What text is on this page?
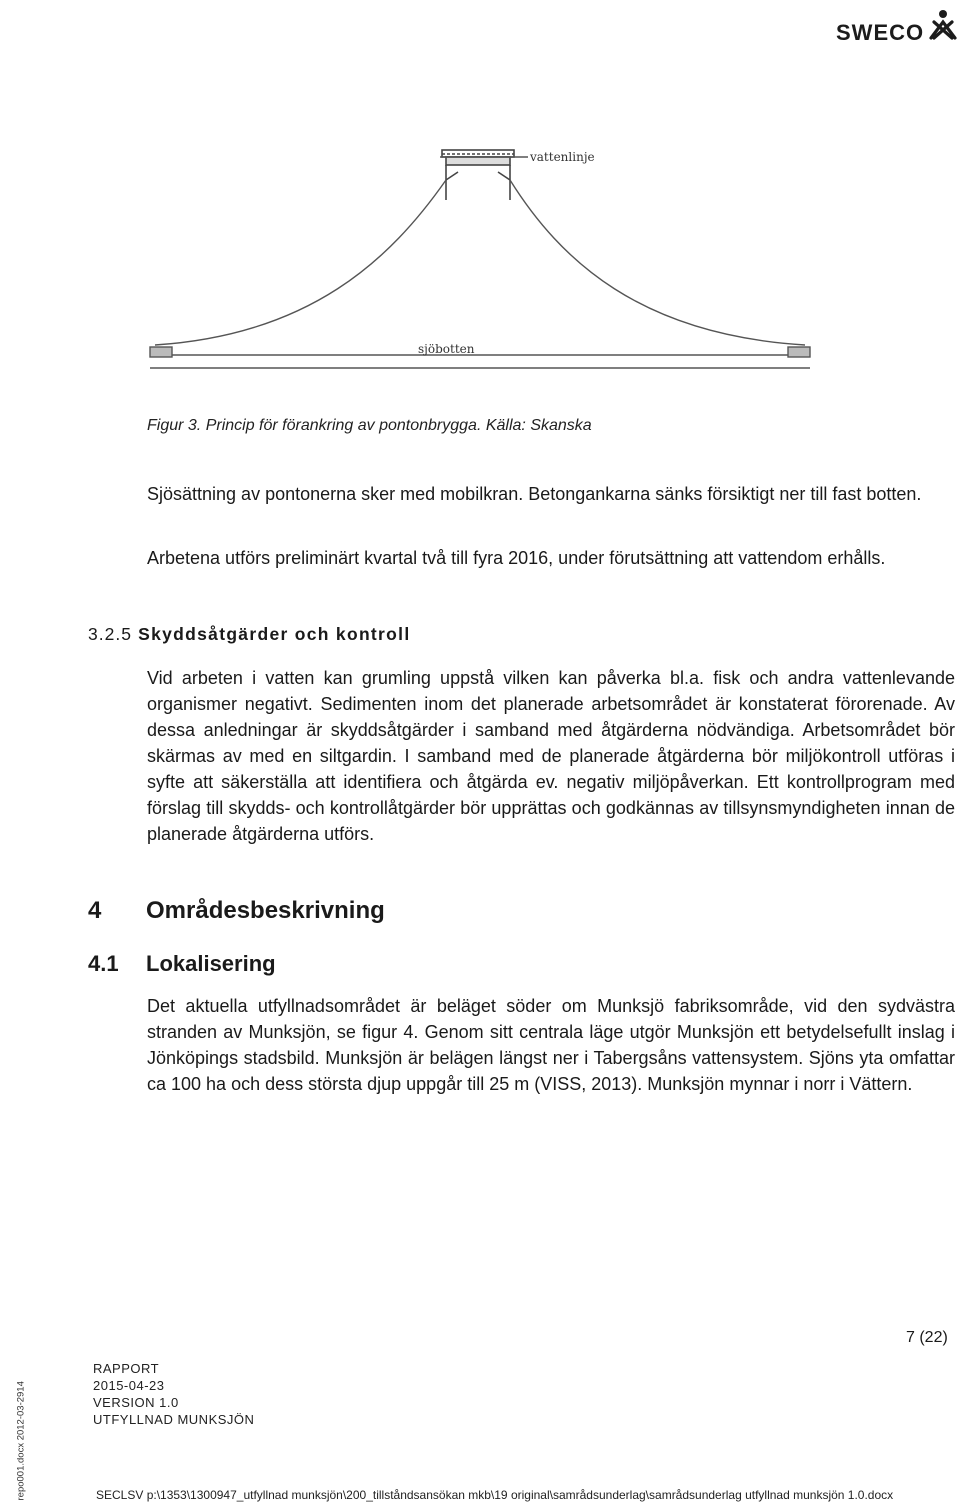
SWECO
vattenlinje
sjöbotten
Figur 3. Princip för förankring av pontonbrygga. Källa: Skanska
Sjösättning av pontonerna sker med mobilkran. Betongankarna sänks försiktigt ner till fast botten.
Arbetena utförs preliminärt kvartal två till fyra 2016, under förutsättning att vattendom erhålls.
3.2.5 Skyddsåtgärder och kontroll
Vid arbeten i vatten kan grumling uppstå vilken kan påverka bl.a. fisk och andra vattenlevande organismer negativt. Sedimenten inom det planerade arbetsområdet är konstaterat förorenade. Av dessa anledningar är skyddsåtgärder i samband med åtgärderna nödvändiga. Arbetsområdet bör skärmas av med en siltgardin. I samband med de planerade åtgärderna bör miljökontroll utföras i syfte att säkerställa att identifiera och åtgärda ev. negativ miljöpåverkan. Ett kontrollprogram med förslag till skydds- och kontrollåtgärder bör upprättas och godkännas av tillsynsmyndigheten innan de planerade åtgärderna utförs.
4 Områdesbeskrivning
4.1 Lokalisering
Det aktuella utfyllnadsområdet är beläget söder om Munksjö fabriksområde, vid den sydvästra stranden av Munksjön, se figur 4. Genom sitt centrala läge utgör Munksjön ett betydelsefullt inslag i Jönköpings stadsbild. Munksjön är belägen längst ner i Tabergsåns vattensystem. Sjöns yta omfattar ca 100 ha och dess största djup uppgår till 25 m (VISS, 2013). Munksjön mynnar i norr i Vättern.
7 (22)
RAPPORT
2015-04-23
VERSION 1.0
UTFYLLNAD MUNKSJÖN
repo001.docx 2012-03-2914	SECLSV p:\1353\1300947_utfyllnad munksjön\200_tillståndsansökan mkb\19 original\samrådsunderlag\samrådsunderlag utfyllnad munksjön 1.0.docx
